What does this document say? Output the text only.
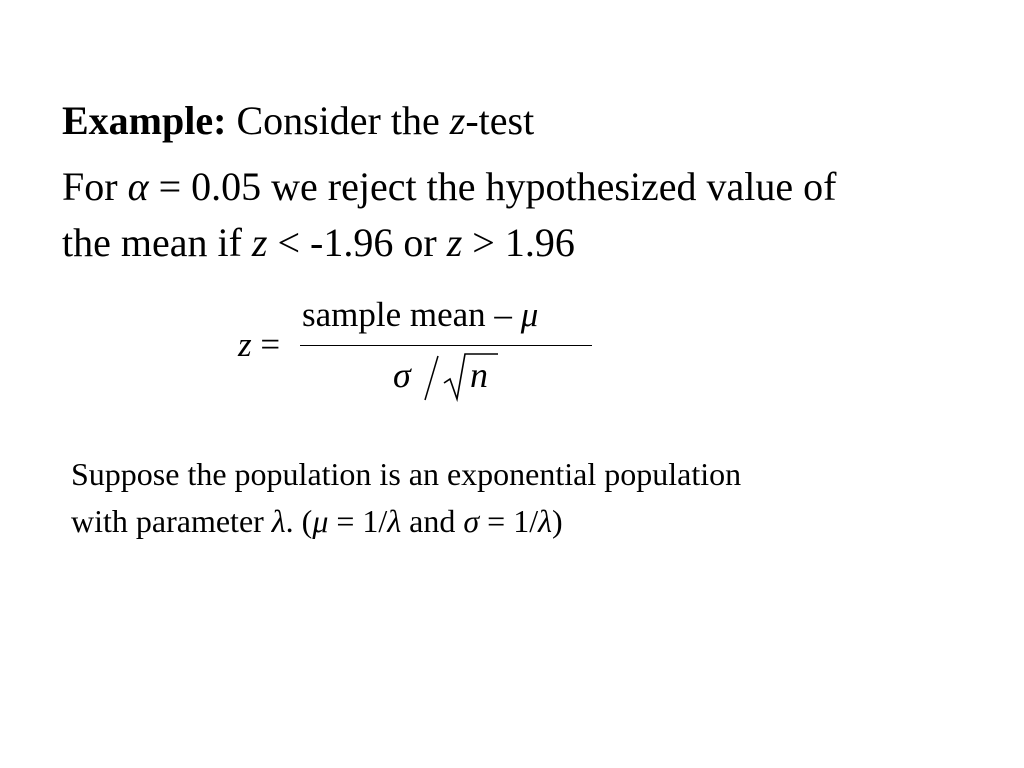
Example: Consider the z-test
For α = 0.05 we reject the hypothesized value of
the mean if z < -1.96 or z > 1.96
z =
sample mean – μ
σ n
Suppose the population is an exponential population
with parameter λ. (μ = 1/λ and σ = 1/λ)
